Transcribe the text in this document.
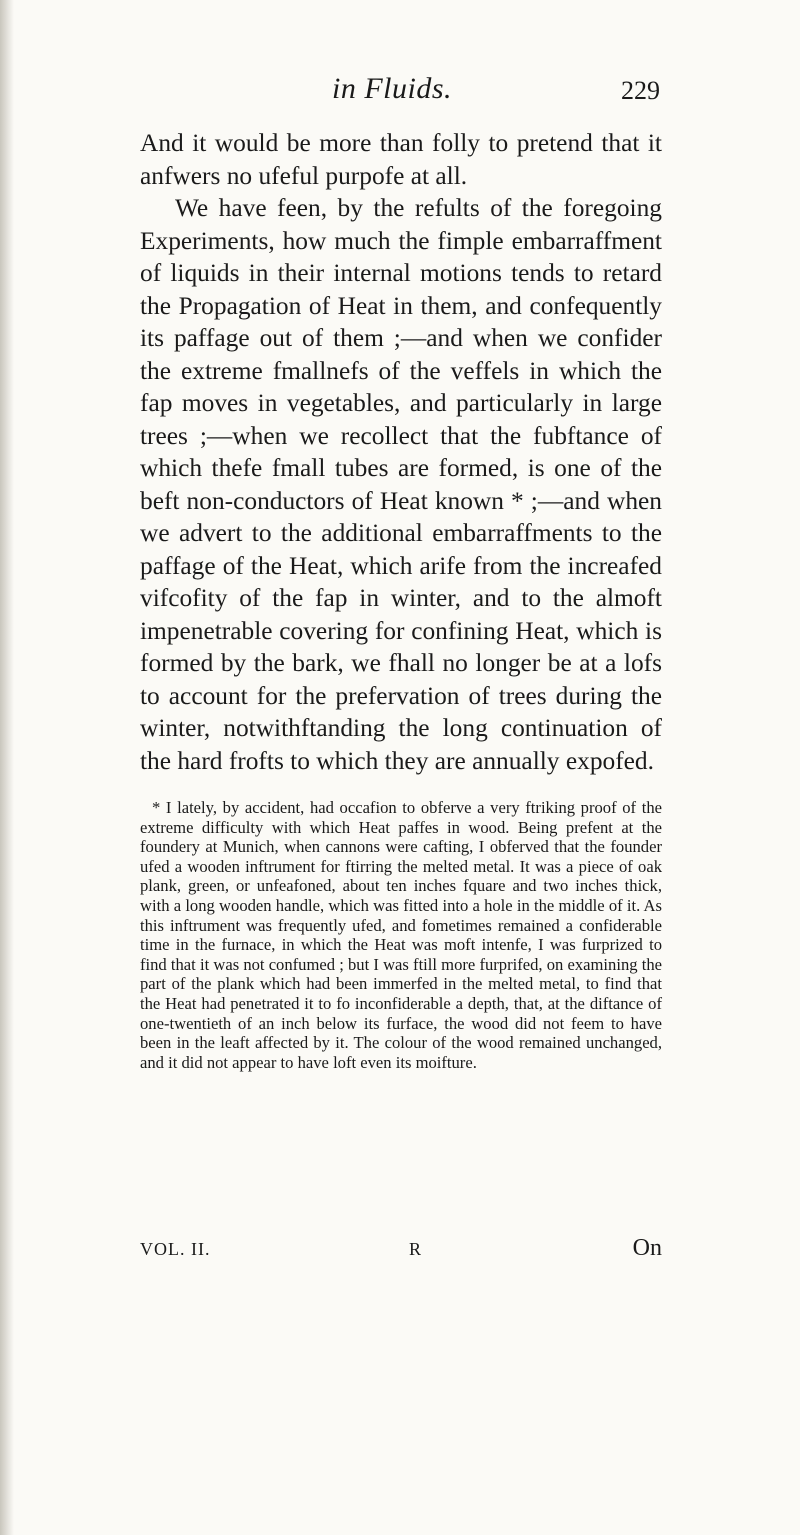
in Fluids.	229

And it would be more than folly to pretend that it anfwers no ufeful purpofe at all.

We have feen, by the refults of the foregoing Experiments, how much the fimple embarraffment of liquids in their internal motions tends to retard the Propagation of Heat in them, and confequently its paffage out of them ;—and when we confider the extreme fmallnefs of the veffels in which the fap moves in vegetables, and particularly in large trees ;—when we recollect that the fubftance of which thefe fmall tubes are formed, is one of the beft non-conductors of Heat known * ;—and when we advert to the additional embarraffments to the paffage of the Heat, which arife from the increafed vifcofity of the fap in winter, and to the almoft impenetrable covering for confining Heat, which is formed by the bark, we fhall no longer be at a lofs to account for the prefervation of trees during the winter, notwithftanding the long continuation of the hard frofts to which they are annually expofed.

* I lately, by accident, had occafion to obferve a very ftriking proof of the extreme difficulty with which Heat paffes in wood. Being prefent at the foundery at Munich, when cannons were cafting, I obferved that the founder ufed a wooden inftrument for ftirring the melted metal. It was a piece of oak plank, green, or unfeafoned, about ten inches fquare and two inches thick, with a long wooden handle, which was fitted into a hole in the middle of it. As this inftrument was frequently ufed, and fometimes remained a confiderable time in the furnace, in which the Heat was moft intenfe, I was furprized to find that it was not confumed ; but I was ftill more furprifed, on examining the part of the plank which had been immerfed in the melted metal, to find that the Heat had penetrated it to fo inconfiderable a depth, that, at the diftance of one-twentieth of an inch below its furface, the wood did not feem to have been in the leaft affected by it. The colour of the wood remained unchanged, and it did not appear to have loft even its moifture.

VOL. II.	R	On
